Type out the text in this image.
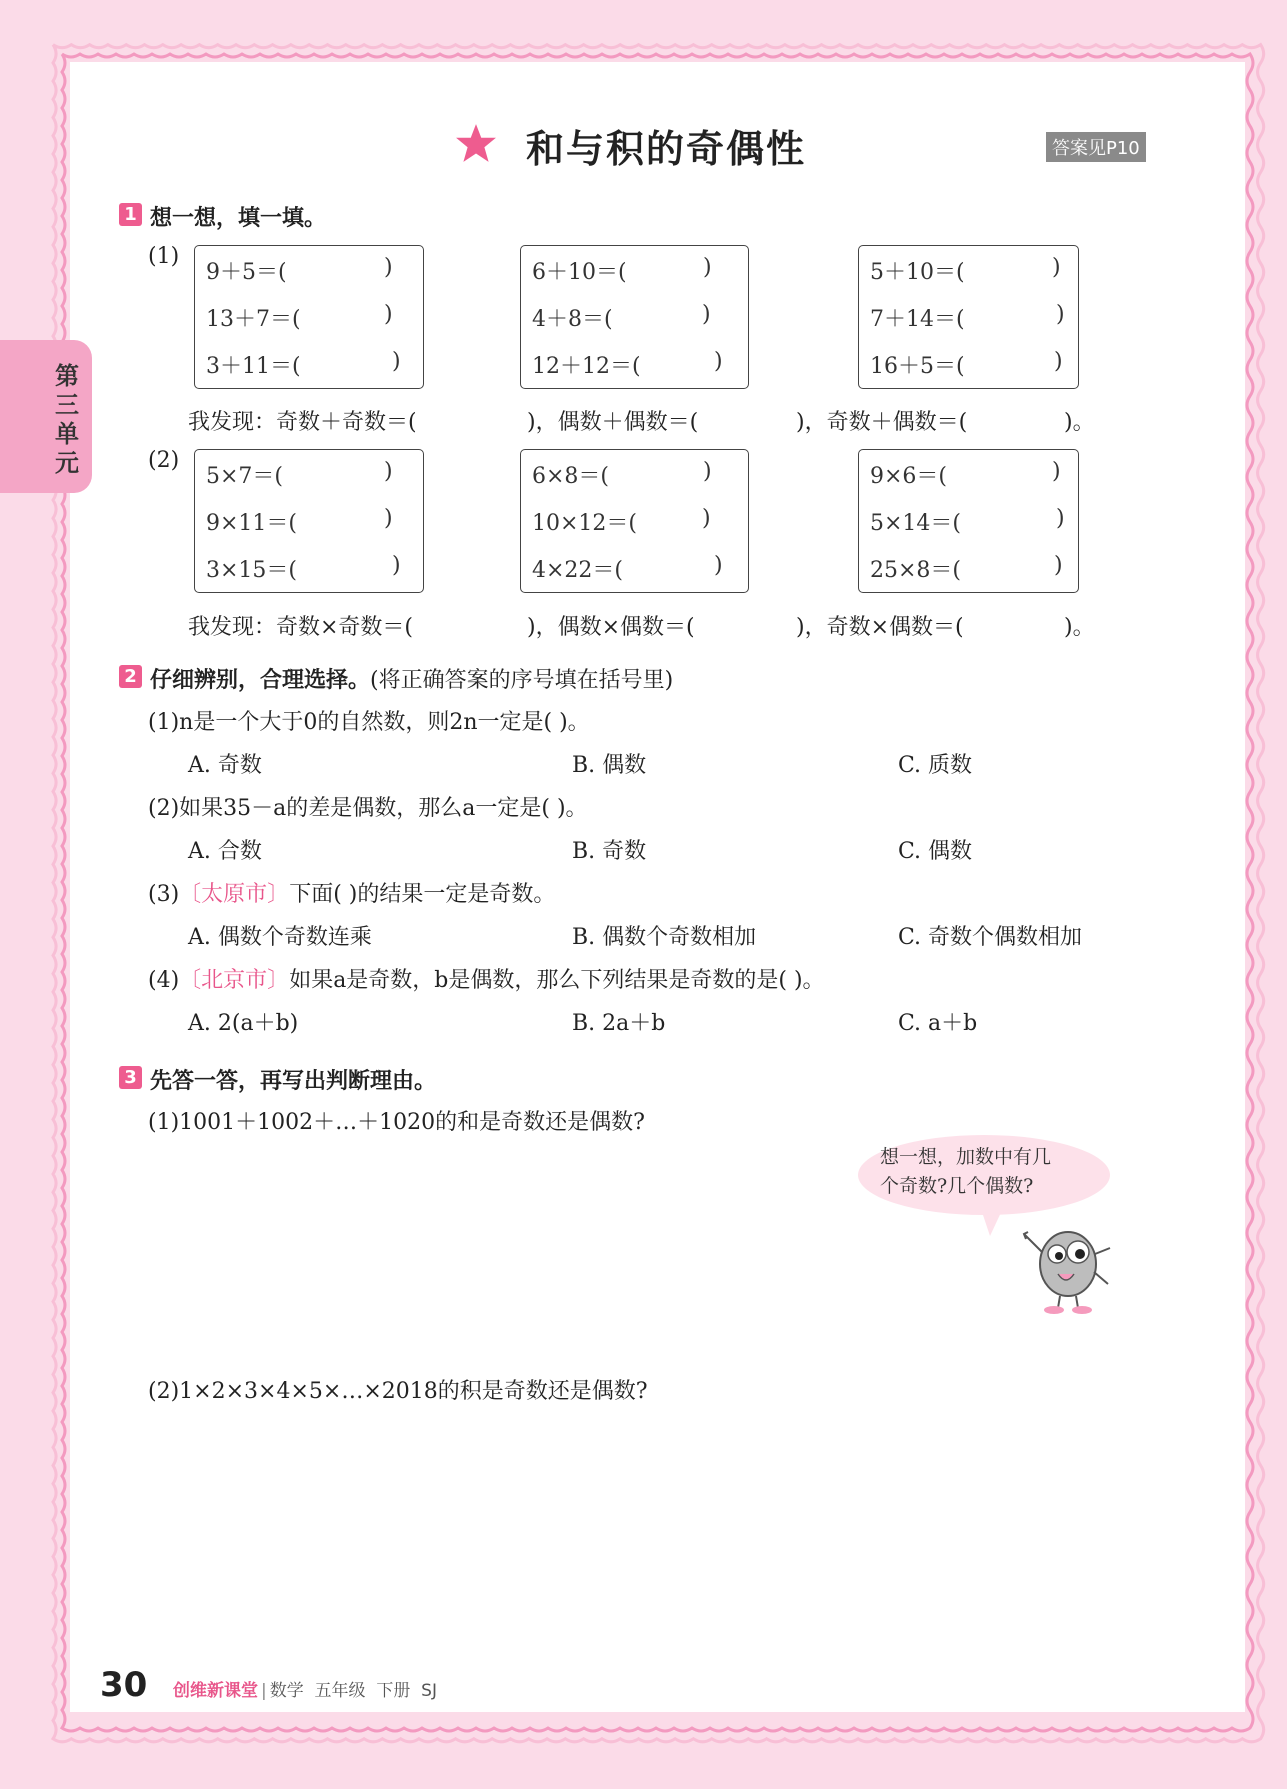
第三单元
和与积的奇偶性	答案见P10
1 想一想，填一填。
(1)
9＋5＝(	)
13＋7＝(	)
3＋11＝(	)
6＋10＝(	)
4＋8＝(	)
12＋12＝(	)
5＋10＝(	)
7＋14＝(	)
16＋5＝(	)
我发现：奇数＋奇数＝(	)，偶数＋偶数＝(	)，奇数＋偶数＝(	)。
(2)
5×7＝(	)
9×11＝(	)
3×15＝(	)
6×8＝(	)
10×12＝(	)
4×22＝(	)
9×6＝(	)
5×14＝(	)
25×8＝(	)
我发现：奇数×奇数＝(	)，偶数×偶数＝(	)，奇数×偶数＝(	)。
2 仔细辨别，合理选择。(将正确答案的序号填在括号里)
(1)n是一个大于0的自然数，则2n一定是( )。
A. 奇数	B. 偶数	C. 质数
(2)如果35－a的差是偶数，那么a一定是( )。
A. 合数	B. 奇数	C. 偶数
(3)〔太原市〕下面( )的结果一定是奇数。
A. 偶数个奇数连乘	B. 偶数个奇数相加	C. 奇数个偶数相加
(4)〔北京市〕如果a是奇数，b是偶数，那么下列结果是奇数的是( )。
A. 2(a＋b)	B. 2a＋b	C. a＋b
3 先答一答，再写出判断理由。
(1)1001＋1002＋…＋1020的和是奇数还是偶数?
想一想，加数中有几
个奇数?几个偶数?
(2)1×2×3×4×5×…×2018的积是奇数还是偶数?
30 创维新课堂 | 数学 五年级 下册 SJ
